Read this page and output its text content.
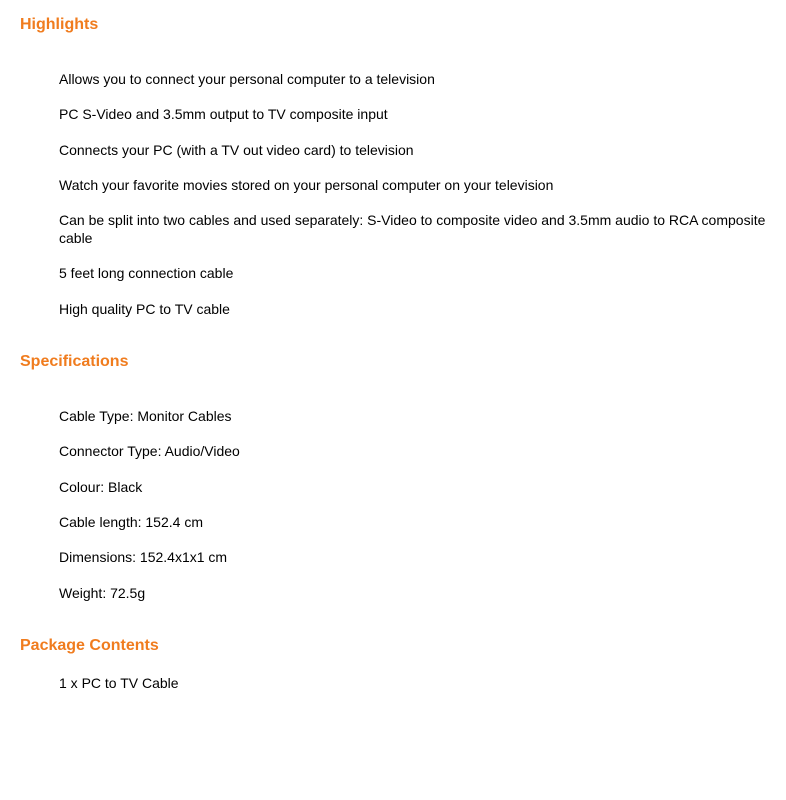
Highlights

Allows you to connect your personal computer to a television

PC S-Video and 3.5mm output to TV composite input

Connects your PC (with a TV out video card) to television

Watch your favorite movies stored on your personal computer on your television

Can be split into two cables and used separately: S-Video to composite video and 3.5mm audio to RCA composite cable

5 feet long connection cable

High quality PC to TV cable

Specifications

Cable Type: Monitor Cables

Connector Type: Audio/Video

Colour: Black

Cable length: 152.4 cm

Dimensions: 152.4x1x1 cm

Weight: 72.5g

Package Contents

1 x PC to TV Cable
